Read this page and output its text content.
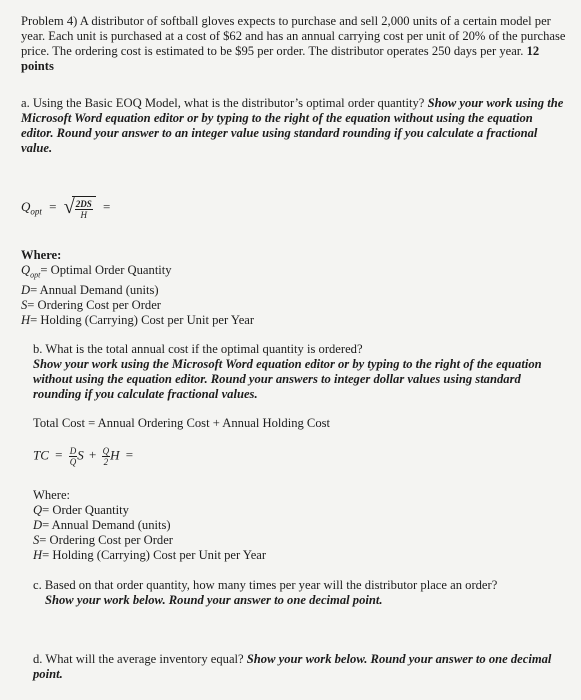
Problem 4) A distributor of softball gloves expects to purchase and sell 2,000 units of a certain model per year. Each unit is purchased at a cost of $62 and has an annual carrying cost per unit of 20% of the purchase price. The ordering cost is estimated to be $95 per order. The distributor operates 250 days per year. 12 points

a. Using the Basic EOQ Model, what is the distributor’s optimal order quantity? Show your work using the Microsoft Word equation editor or by typing to the right of the equation without using the equation editor. Round your answer to an integer value using standard rounding if you calculate a fractional value.

$Q_{opt}$ = √ $\frac{2DS}{H}$ =

Where:

$Q_{opt}=$ Optimal Order Quantity

D= Annual Demand (units)

S= Ordering Cost per Order

H= Holding (Carrying) Cost per Unit per Year

b. What is the total annual cost if the optimal quantity is ordered?

Show your work using the Microsoft Word equation editor or by typing to the right of the equation without using the equation editor. Round your answers to integer dollar values using standard rounding if you calculate fractional values.

Total Cost = Annual Ordering Cost + Annual Holding Cost

TC = $\frac{D}{Q}$ $S + \frac{Q}{2}$ H =

Where:

Q= Order Quantity

D= Annual Demand (units)

S= Ordering Cost per Order

H= Holding (Carrying) Cost per Unit per Year

c. Based on that order quantity, how many times per year will the distributor place an order?

Show your work below. Round your answer to one decimal point.

d. What will the average inventory equal? Show your work below. Round your answer to one decimal point.
